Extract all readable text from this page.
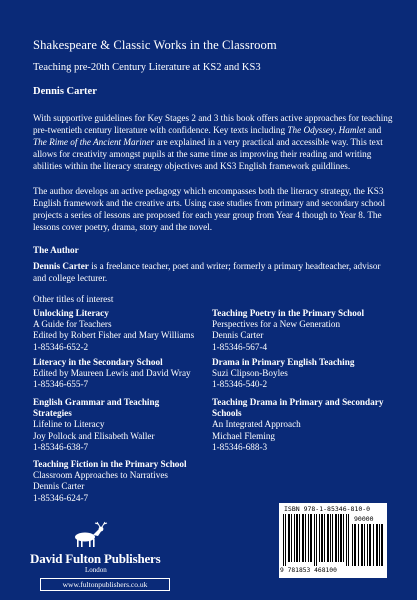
Shakespeare & Classic Works in the Classroom
Teaching pre-20th Century Literature at KS2 and KS3
Dennis Carter
With supportive guidelines for Key Stages 2 and 3 this book offers active approaches for teaching pre-twentieth century literature with confidence. Key texts including The Odyssey, Hamlet and The Rime of the Ancient Mariner are explained in a very practical and accessible way. This text allows for creativity amongst pupils at the same time as improving their reading and writing abilities within the literacy strategy objectives and KS3 English framework guildlines.
The author develops an active pedagogy which encompasses both the literacy strategy, the KS3 English framework and the creative arts. Using case studies from primary and secondary school projects a series of lessons are proposed for each year group from Year 4 though to Year 8. The lessons cover poetry, drama, story and the novel.
The Author
Dennis Carter is a freelance teacher, poet and writer; formerly a primary headteacher, advisor and college lecturer.
Other titles of interest
Unlocking Literacy
A Guide for Teachers
Edited by Robert Fisher and Mary Williams
1-85346-652-2
Literacy in the Secondary School
Edited by Maureen Lewis and David Wray
1-85346-655-7
English Grammar and Teaching Strategies
Lifeline to Literacy
Joy Pollock and Elisabeth Waller
1-85346-638-7
Teaching Fiction in the Primary School
Classroom Approaches to Narratives
Dennis Carter
1-85346-624-7
Teaching Poetry in the Primary School
Perspectives for a New Generation
Dennis Carter
1-85346-567-4
Drama in Primary English Teaching
Suzi Clipson-Boyles
1-85346-540-2
Teaching Drama in Primary and Secondary Schools
An Integrated Approach
Michael Fleming
1-85346-688-3
David Fulton Publishers
London
www.fultonpublishers.co.uk
ISBN 978-1-85346-810-0
90000
9 781853 468100
